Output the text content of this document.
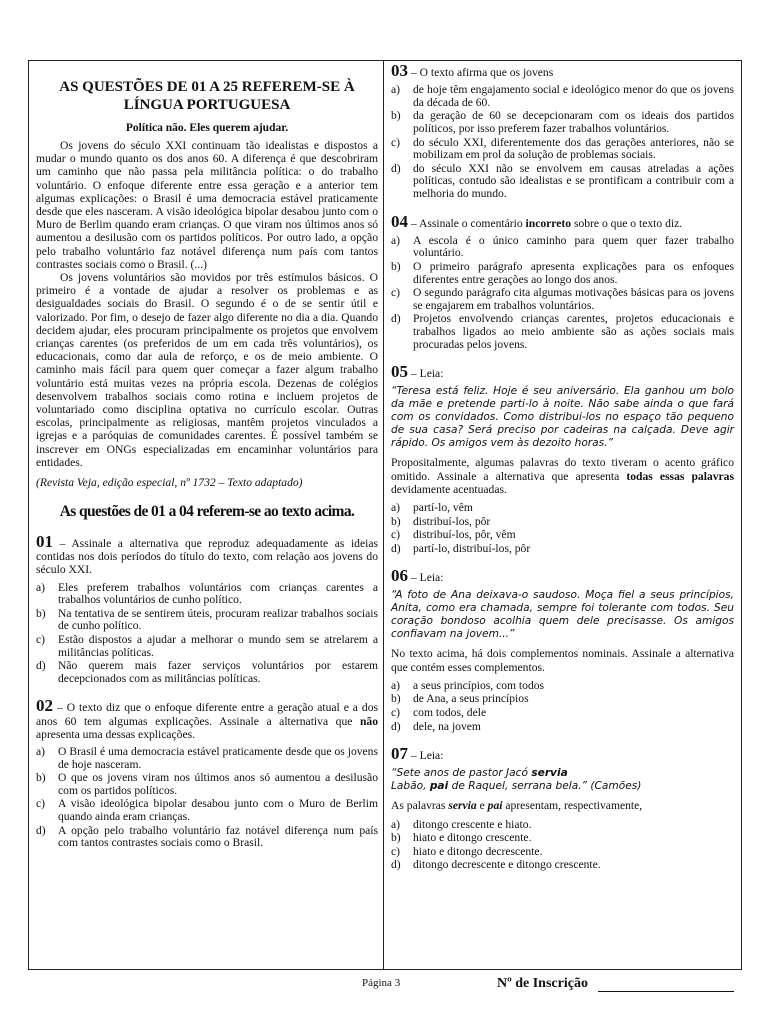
AS QUESTÕES DE 01 A 25 REFEREM-SE À LÍNGUA PORTUGUESA
Política não. Eles querem ajudar.

Os jovens do século XXI continuam tão idealistas e dispostos a mudar o mundo quanto os dos anos 60. A diferença é que descobriram um caminho que não passa pela militância política: o do trabalho voluntário. O enfoque diferente entre essa geração e a anterior tem algumas explicações: o Brasil é uma democracia estável praticamente desde que eles nasceram. A visão ideológica bipolar desabou junto com o Muro de Berlim quando eram crianças. O que viram nos últimos anos só aumentou a desilusão com os partidos políticos. Por outro lado, a opção pelo trabalho voluntário faz notável diferença num país com tantos contrastes sociais como o Brasil. (...)

Os jovens voluntários são movidos por três estímulos básicos. O primeiro é a vontade de ajudar a resolver os problemas e as desigualdades sociais do Brasil. O segundo é o de se sentir útil e valorizado. Por fim, o desejo de fazer algo diferente no dia a dia. Quando decidem ajudar, eles procuram principalmente os projetos que envolvem crianças carentes (os preferidos de um em cada três voluntários), os educacionais, como dar aula de reforço, e os de meio ambiente. O caminho mais fácil para quem quer começar a fazer algum trabalho voluntário está muitas vezes na própria escola. Dezenas de colégios desenvolvem trabalhos sociais como rotina e incluem projetos de voluntariado como disciplina optativa no currículo escolar. Outras escolas, principalmente as religiosas, mantêm projetos vinculados a igrejas e a paróquias de comunidades carentes. É possível também se inscrever em ONGs especializadas em encaminhar voluntários para entidades.

(Revista Veja, edição especial, nº 1732 – Texto adaptado)
As questões de 01 a 04 referem-se ao texto acima.
01 – Assinale a alternativa que reproduz adequadamente as ideias contidas nos dois períodos do título do texto, com relação aos jovens do século XXI.
a)	Eles preferem trabalhos voluntários com crianças carentes a trabalhos voluntários de cunho político.
b)	Na tentativa de se sentirem úteis, procuram realizar trabalhos sociais de cunho político.
c)	Estão dispostos a ajudar a melhorar o mundo sem se atrelarem a militâncias políticas.
d)	Não querem mais fazer serviços voluntários por estarem decepcionados com as militâncias políticas.
02 – O texto diz que o enfoque diferente entre a geração atual e a dos anos 60 tem algumas explicações. Assinale a alternativa que não apresenta uma dessas explicações.
a)	O Brasil é uma democracia estável praticamente desde que os jovens de hoje nasceram.
b)	O que os jovens viram nos últimos anos só aumentou a desilusão com os partidos políticos.
c)	A visão ideológica bipolar desabou junto com o Muro de Berlim quando ainda eram crianças.
d)	A opção pelo trabalho voluntário faz notável diferença num país com tantos contrastes sociais como o Brasil.
03 – O texto afirma que os jovens
a)	de hoje têm engajamento social e ideológico menor do que os jovens da década de 60.
b)	da geração de 60 se decepcionaram com os ideais dos partidos políticos, por isso preferem fazer trabalhos voluntários.
c)	do século XXI, diferentemente dos das gerações anteriores, não se mobilizam em prol da solução de problemas sociais.
d)	do século XXI não se envolvem em causas atreladas a ações políticas, contudo são idealistas e se prontificam a contribuir com a melhoria do mundo.
04 – Assinale o comentário incorreto sobre o que o texto diz.
a)	A escola é o único caminho para quem quer fazer trabalho voluntário.
b)	O primeiro parágrafo apresenta explicações para os enfoques diferentes entre gerações ao longo dos anos.
c)	O segundo parágrafo cita algumas motivações básicas para os jovens se engajarem em trabalhos voluntários.
d)	Projetos envolvendo crianças carentes, projetos educacionais e trabalhos ligados ao meio ambiente são as ações sociais mais procuradas pelos jovens.
05 – Leia:
“Teresa está feliz. Hoje é seu aniversário. Ela ganhou um bolo da mãe e pretende parti-lo à noite. Não sabe ainda o que fará com os convidados. Como distribui-los no espaço tão pequeno de sua casa? Será preciso por cadeiras na calçada. Deve agir rápido. Os amigos vem às dezoito horas.”
Propositalmente, algumas palavras do texto tiveram o acento gráfico omitido. Assinale a alternativa que apresenta todas essas palavras devidamente acentuadas.
a)	partí-lo, vêm
b)	distribuí-los, pôr
c)	distribuí-los, pôr, vêm
d)	partí-lo, distribuí-los, pôr
06 – Leia:
“A foto de Ana deixava-o saudoso. Moça fiel a seus princípios, Anita, como era chamada, sempre foi tolerante com todos. Seu coração bondoso acolhia quem dele precisasse. Os amigos confiavam na jovem...”
No texto acima, há dois complementos nominais. Assinale a alternativa que contém esses complementos.
a)	a seus princípios, com todos
b)	de Ana, a seus princípios
c)	com todos, dele
d)	dele, na jovem
07 – Leia:
“Sete anos de pastor Jacó servia
Labão, pai de Raquel, serrana bela.” (Camões)
As palavras servia e pai apresentam, respectivamente,
a)	ditongo crescente e hiato.
b)	hiato e ditongo crescente.
c)	hiato e ditongo decrescente.
d)	ditongo decrescente e ditongo crescente.
Página 3	Nº de Inscrição
